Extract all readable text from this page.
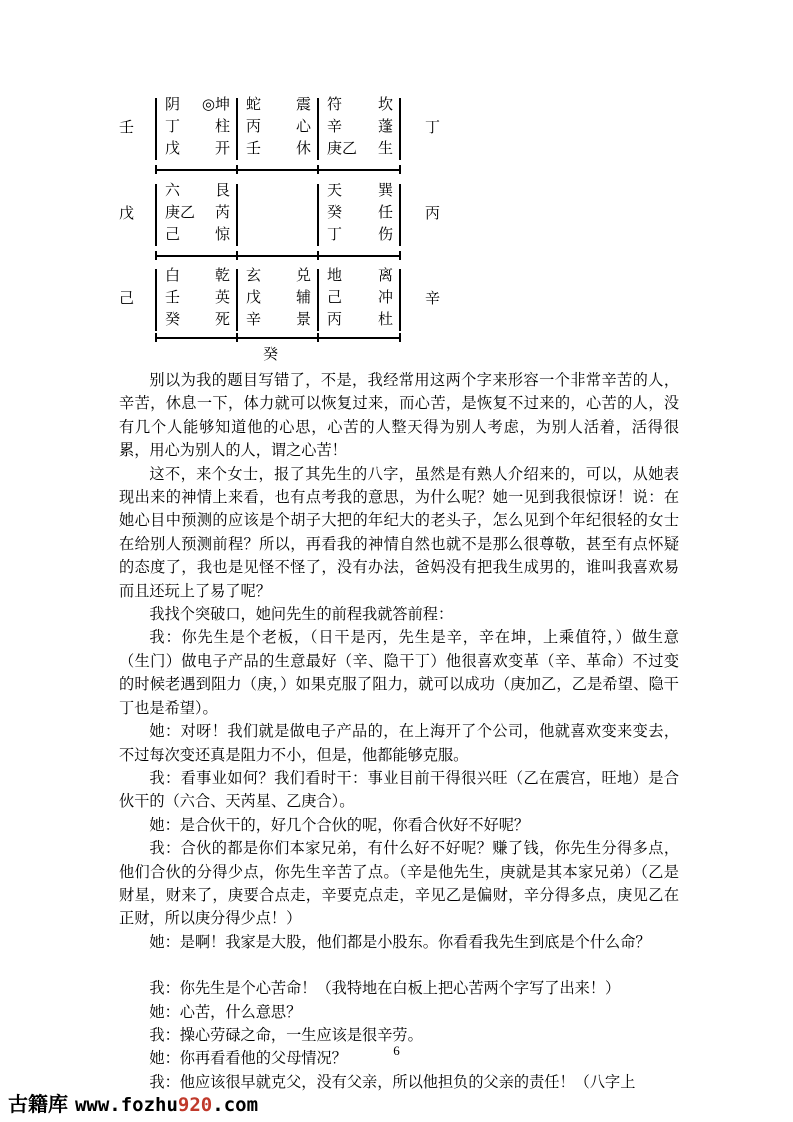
壬
戊
己
丁
丙
辛
癸
阴 ◎坤
丁 柱
戊 开
蛇 震
丙 心
壬 休
符 坎
辛 蓬
庚乙 生
六 艮
庚乙 芮
己 惊
天 巽
癸 任
丁 伤
白 乾
壬 英
癸 死
玄 兑
戊 辅
辛 景
地 离
己 冲
丙 杜

别以为我的题目写错了，不是，我经常用这两个字来形容一个非常辛苦的人，辛苦，休息一下，体力就可以恢复过来，而心苦，是恢复不过来的，心苦的人，没有几个人能够知道他的心思，心苦的人整天得为别人考虑，为别人活着，活得很累，用心为别人的人，谓之心苦！

这不，来个女士，报了其先生的八字，虽然是有熟人介绍来的，可以，从她表现出来的神情上来看，也有点考我的意思，为什么呢？她一见到我很惊讶！说：在她心目中预测的应该是个胡子大把的年纪大的老头子，怎么见到个年纪很轻的女士在给别人预测前程？所以，再看我的神情自然也就不是那么很尊敬，甚至有点怀疑的态度了，我也是见怪不怪了，没有办法，爸妈没有把我生成男的，谁叫我喜欢易而且还玩上了易了呢？

我找个突破口，她问先生的前程我就答前程：

我：你先生是个老板，（日干是丙，先生是辛，辛在坤，上乘值符，）做生意（生门）做电子产品的生意最好（辛、隐干丁）他很喜欢变革（辛、革命）不过变的时候老遇到阻力（庚，）如果克服了阻力，就可以成功（庚加乙，乙是希望、隐干丁也是希望）。

她：对呀！我们就是做电子产品的，在上海开了个公司，他就喜欢变来变去，不过每次变还真是阻力不小，但是，他都能够克服。

我：看事业如何？我们看时干：事业目前干得很兴旺（乙在震宫，旺地）是合伙干的（六合、天芮星、乙庚合）。

她：是合伙干的，好几个合伙的呢，你看合伙好不好呢？

我：合伙的都是你们本家兄弟，有什么好不好呢？赚了钱，你先生分得多点，他们合伙的分得少点，你先生辛苦了点。（辛是他先生，庚就是其本家兄弟）（乙是财星，财来了，庚要合点走，辛要克点走，辛见乙是偏财，辛分得多点，庚见乙在正财，所以庚分得少点！）

她：是啊！我家是大股，他们都是小股东。你看看我先生到底是个什么命？

我：你先生是个心苦命！（我特地在白板上把心苦两个字写了出来！）

她：心苦，什么意思？

我：操心劳碌之命，一生应该是很辛劳。

她：你再看看他的父母情况？

我：他应该很早就克父，没有父亲，所以他担负的父亲的责任！（八字上

6
古籍库 www.fozhu920.com
